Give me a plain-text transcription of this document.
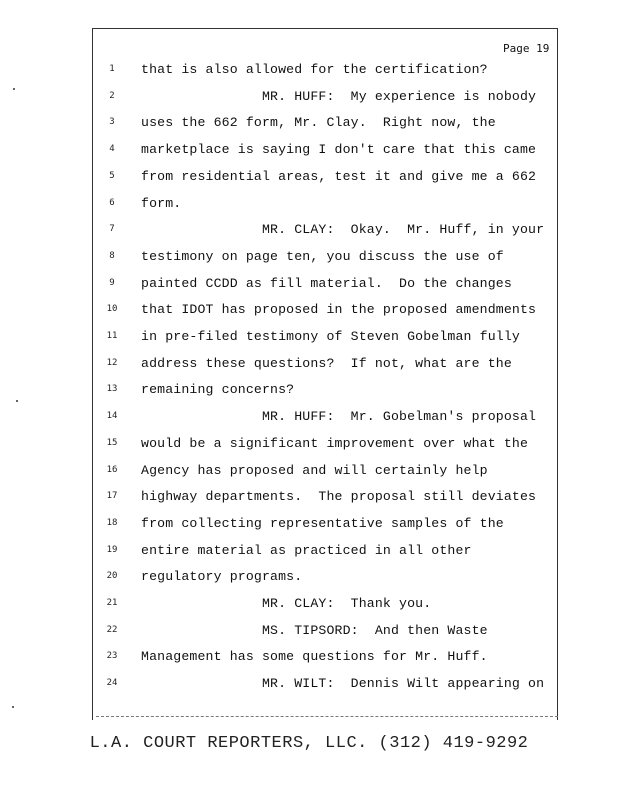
Page 19
1	that is also allowed for the certification?
2	MR. HUFF:  My experience is nobody
3	uses the 662 form, Mr. Clay.  Right now, the
4	marketplace is saying I don't care that this came
5	from residential areas, test it and give me a 662
6	form.
7	MR. CLAY:  Okay.  Mr. Huff, in your
8	testimony on page ten, you discuss the use of
9	painted CCDD as fill material.  Do the changes
10	that IDOT has proposed in the proposed amendments
11	in pre-filed testimony of Steven Gobelman fully
12	address these questions?  If not, what are the
13	remaining concerns?
14	MR. HUFF:  Mr. Gobelman's proposal
15	would be a significant improvement over what the
16	Agency has proposed and will certainly help
17	highway departments.  The proposal still deviates
18	from collecting representative samples of the
19	entire material as practiced in all other
20	regulatory programs.
21	MR. CLAY:  Thank you.
22	MS. TIPSORD:  And then Waste
23	Management has some questions for Mr. Huff.
24	MR. WILT:  Dennis Wilt appearing on
L.A. COURT REPORTERS, LLC. (312) 419-9292
